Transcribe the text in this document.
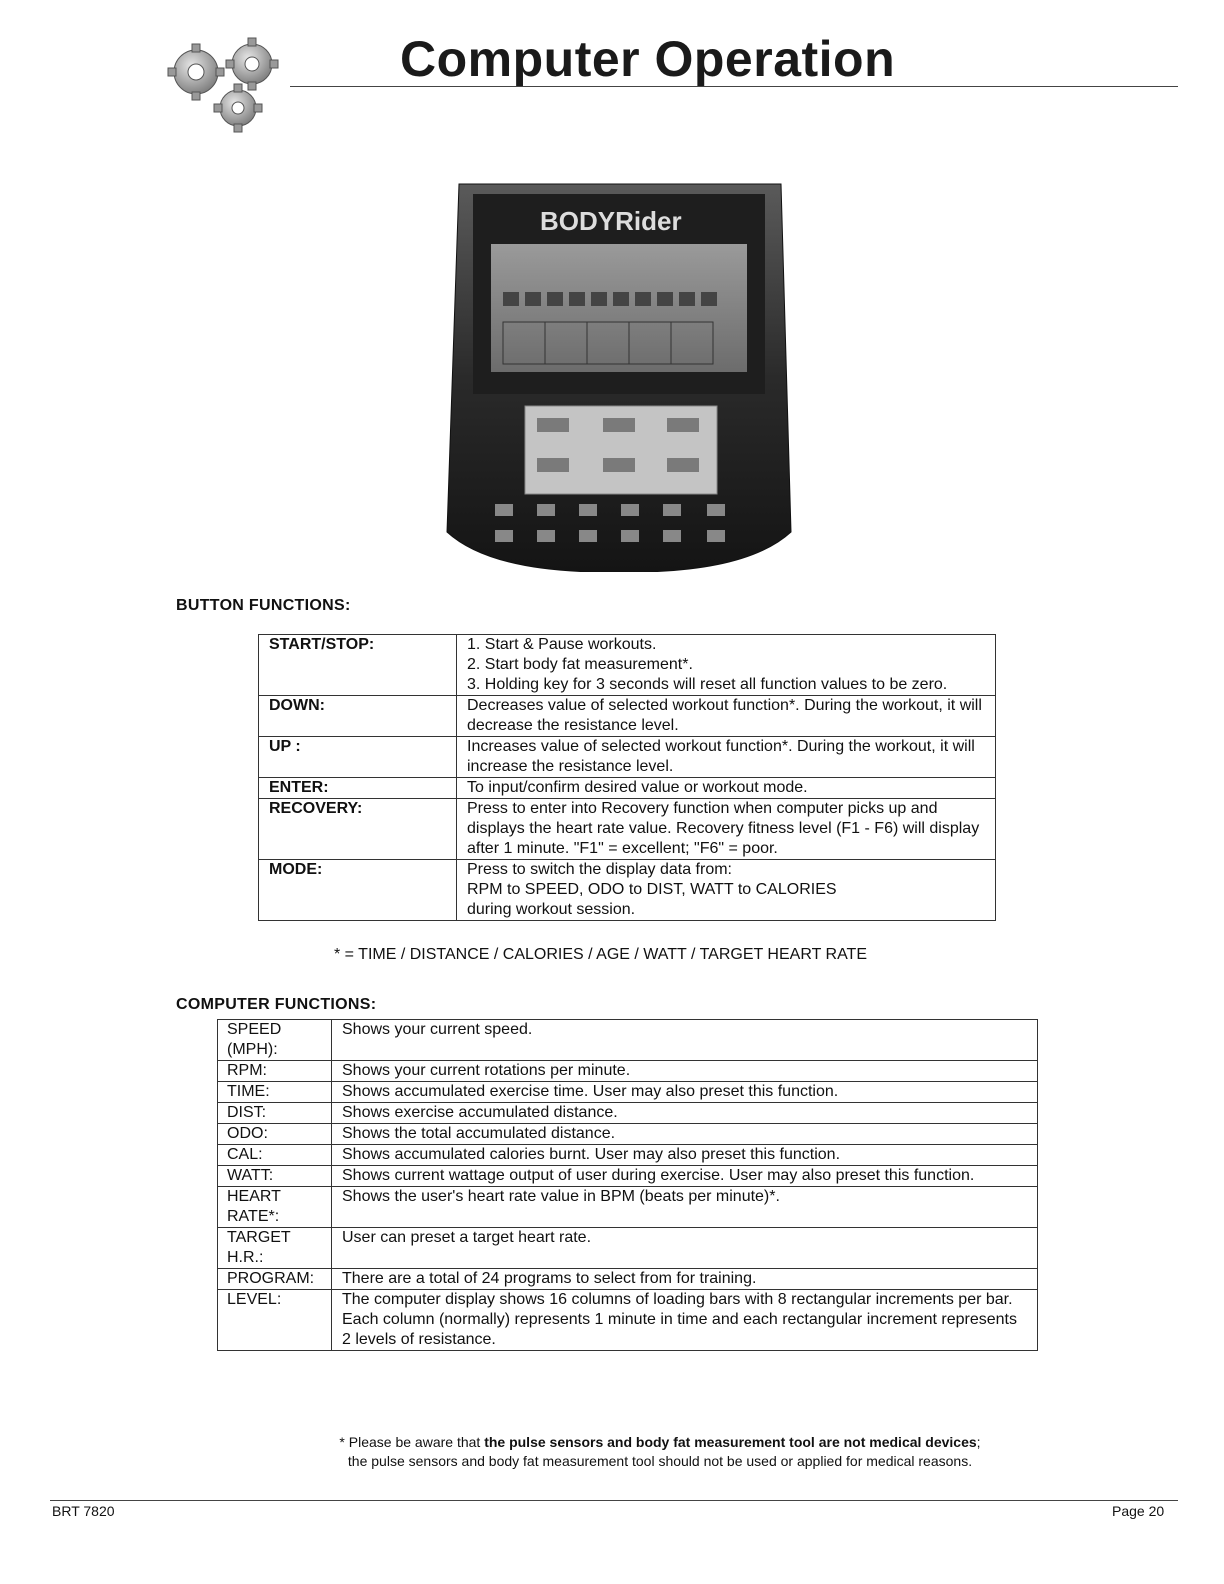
Computer Operation
BODYRider
BUTTON FUNCTIONS:
START/STOP:	1. Start & Pause workouts.
2. Start body fat measurement*.
3. Holding key for 3 seconds will reset all function values to be zero.

DOWN:	Decreases value of selected workout function*. During the workout, it will decrease the resistance level.

UP :	Increases value of selected workout function*. During the workout, it will increase the resistance level.

ENTER:	To input/confirm desired value or workout mode.

RECOVERY:	Press to enter into Recovery function when computer picks up and displays the heart rate value. Recovery fitness level (F1 - F6) will display after 1 minute. "F1" = excellent; "F6" = poor.

MODE:	Press to switch the display data from:
RPM to SPEED, ODO to DIST, WATT to CALORIES
during workout session.
* = TIME / DISTANCE / CALORIES / AGE / WATT / TARGET HEART RATE
COMPUTER FUNCTIONS:
SPEED (MPH):	Shows your current speed.
RPM:	Shows your current rotations per minute.
TIME:	Shows accumulated exercise time. User may also preset this function.
DIST:	Shows exercise accumulated distance.
ODO:	Shows the total accumulated distance.
CAL:	Shows accumulated calories burnt. User may also preset this function.
WATT:	Shows current wattage output of user during exercise. User may also preset this function.
HEART RATE*:	Shows the user's heart rate value in BPM (beats per minute)*.
TARGET H.R.:	User can preset a target heart rate.
PROGRAM:	There are a total of 24 programs to select from for training.
LEVEL:	The computer display shows 16 columns of loading bars with 8 rectangular increments per bar. Each column (normally) represents 1 minute in time and each rectangular increment represents 2 levels of resistance.
* Please be aware that the pulse sensors and body fat measurement tool are not medical devices;
the pulse sensors and body fat measurement tool should not be used or applied for medical reasons.
BRT 7820	Page 20
